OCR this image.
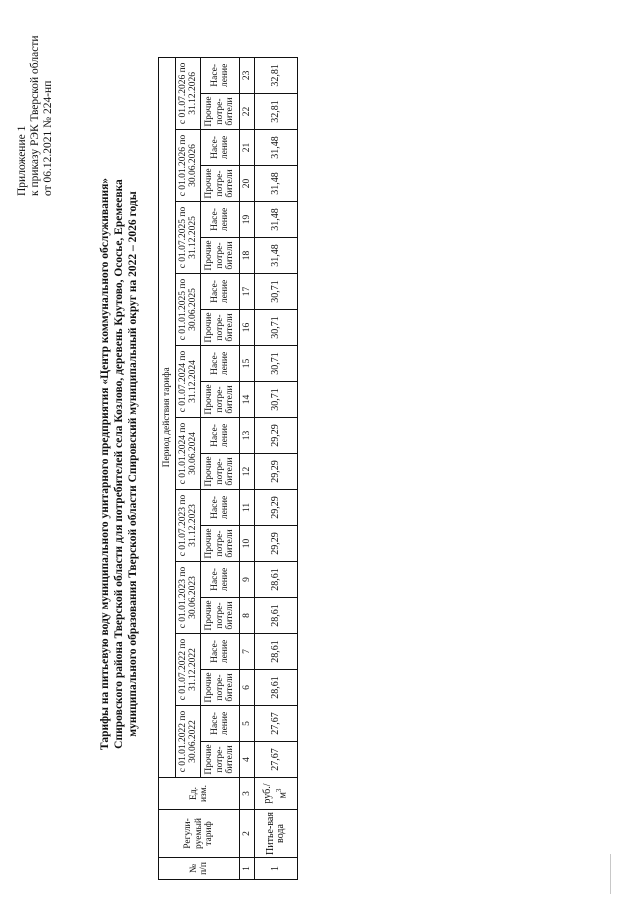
Приложение 1 к приказу РЭК Тверской области от 06.12.2021 № 224-нп
Тарифы на питьевую воду муниципального унитарного предприятия «Центр коммунального обслуживания» Спировского района Тверской области для потребителей села Козлово, деревень Крутово, Ососье, Еремеевка муниципального образования Тверской области Спировский муниципальный округ на 2022 – 2026 годы
№ п/п	Регули-руемый тариф	Ед. изм.	Период действия тарифа																			
			с 01.01.2022 по 30.06.2022		с 01.07.2022 по 31.12.2022		с 01.01.2023 по 30.06.2023		с 01.07.2023 по 31.12.2023		с 01.01.2024 по 30.06.2024		с 01.07.2024 по 31.12.2024		с 01.01.2025 по 30.06.2025		с 01.07.2025 по 31.12.2025		с 01.01.2026 по 30.06.2026		с 01.07.2026 по 31.12.2026	
			Прочие потре-бители	Насе-ление	Прочие потре-бители	Насе-ление	Прочие потре-бители	Насе-ление	Прочие потре-бители	Насе-ление	Прочие потре-бители	Насе-ление	Прочие потре-бители	Насе-ление	Прочие потре-бители	Насе-ление	Прочие потре-бители	Насе-ление	Прочие потре-бители	Насе-ление	Прочие потре-бители	Насе-ление
1	2	3	4	5	6	7	8	9	10	11	12	13	14	15	16	17	18	19	20	21	22	23
1	Питье-вая вода	$руб./м^3$	27,67	27,67	28,61	28,61	28,61	28,61	29,29	29,29	29,29	29,29	30,71	30,71	30,71	30,71	31,48	31,48	31,48	31,48	32,81	32,81
